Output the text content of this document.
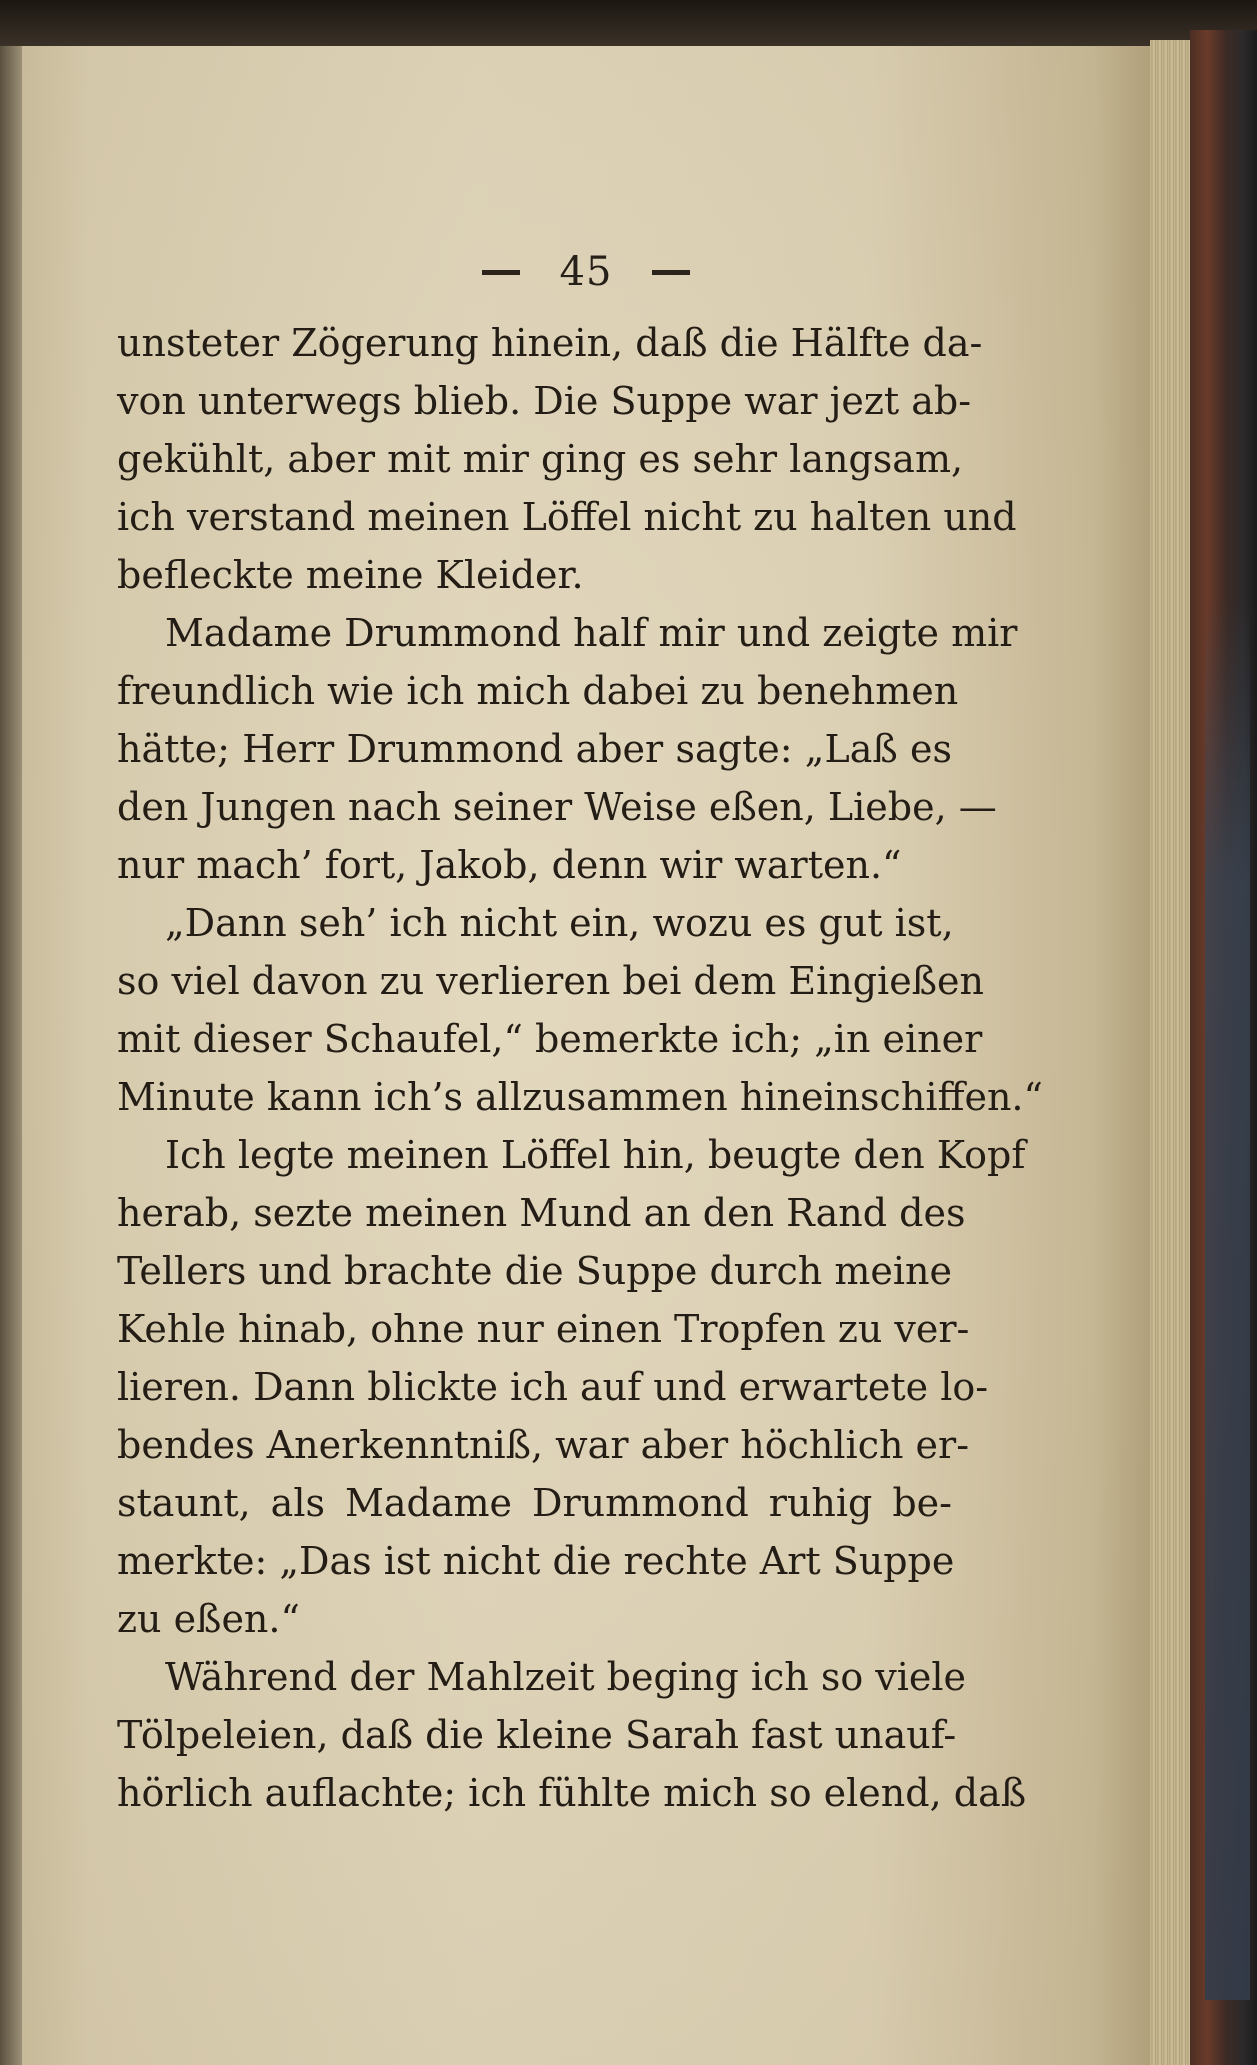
45
unsteter Zögerung hinein, daß die Hälfte da-
von unterwegs blieb. Die Suppe war jezt ab-
gekühlt, aber mit mir ging es sehr langsam,
ich verstand meinen Löffel nicht zu halten und
befleckte meine Kleider.
Madame Drummond half mir und zeigte mir
freundlich wie ich mich dabei zu benehmen
hätte; Herr Drummond aber sagte: „Laß es
den Jungen nach seiner Weise eßen, Liebe, —
nur mach’ fort, Jakob, denn wir warten.“
„Dann seh’ ich nicht ein, wozu es gut ist,
so viel davon zu verlieren bei dem Eingießen
mit dieser Schaufel,“ bemerkte ich; „in einer
Minute kann ich’s allzusammen hineinschiffen.“
Ich legte meinen Löffel hin, beugte den Kopf
herab, sezte meinen Mund an den Rand des
Tellers und brachte die Suppe durch meine
Kehle hinab, ohne nur einen Tropfen zu ver-
lieren. Dann blickte ich auf und erwartete lo-
bendes Anerkenntniß, war aber höchlich er-
staunt, als Madame Drummond ruhig be-
merkte: „Das ist nicht die rechte Art Suppe
zu eßen.“
Während der Mahlzeit beging ich so viele
Tölpeleien, daß die kleine Sarah fast unauf-
hörlich auflachte; ich fühlte mich so elend, daß
